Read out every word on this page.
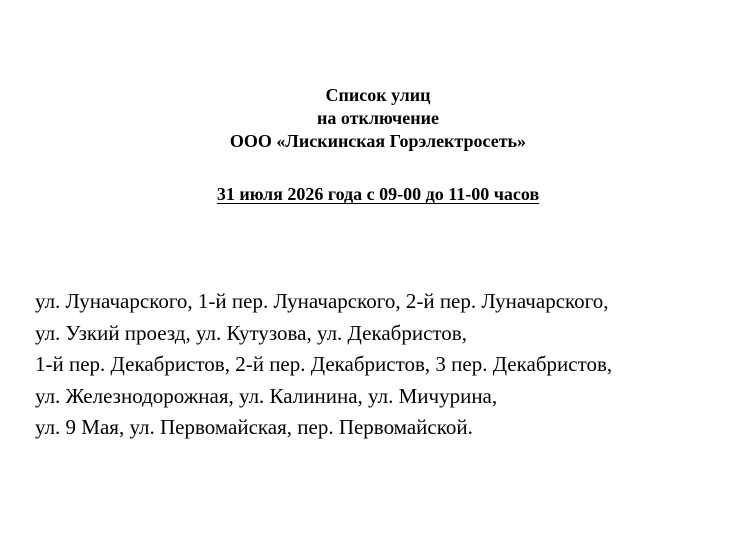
Список улиц
на отключение
ООО «Лискинская Горэлектросеть»
31 июля 2026 года с 09-00 до 11-00 часов
ул. Луначарского, 1-й пер. Луначарского, 2-й пер. Луначарского,
ул. Узкий проезд, ул. Кутузова, ул. Декабристов,
1-й пер. Декабристов, 2-й пер. Декабристов, 3 пер. Декабристов,
ул. Железнодорожная, ул. Калинина, ул. Мичурина,
ул. 9 Мая, ул. Первомайская, пер. Первомайской.
